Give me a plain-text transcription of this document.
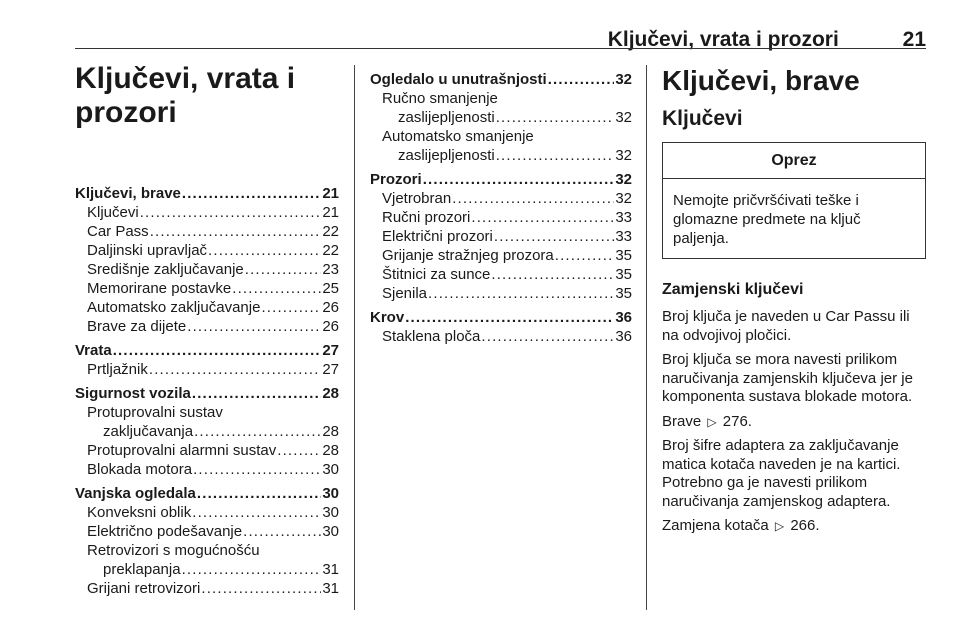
Ključevi, vrata i prozori	21
Ključevi, vrata i prozori
Ključevi, brave . . .	21
Ključevi . . .	21
Car Pass . . .	22
Daljinski upravljač . . .	22
Središnje zaključavanje . . .	23
Memorirane postavke . . .	25
Automatsko zaključavanje . . .	26
Brave za dijete . . .	26
Vrata . . .	27
Prtljažnik . . .	27
Sigurnost vozila . . .	28
Protuprovalni sustav
zaključavanja . . .	28
Protuprovalni alarmni sustav . . .	28
Blokada motora . . .	30
Vanjska ogledala . . .	30
Konveksni oblik . . .	30
Električno podešavanje . . .	30
Retrovizori s mogućnošću
preklapanja . . .	31
Grijani retrovizori . . .	31
Ogledalo u unutrašnjosti . . .	32
Ručno smanjenje
zaslijepljenosti . . .	32
Automatsko smanjenje
zaslijepljenosti . . .	32
Prozori . . .	32
Vjetrobran . . .	32
Ručni prozori . . .	33
Električni prozori . . .	33
Grijanje stražnjeg prozora . . .	35
Štitnici za sunce . . .	35
Sjenila . . .	35
Krov . . .	36
Staklena ploča . . .	36
Ključevi, brave
Ključevi
Oprez
Nemojte pričvršćivati teške i glomazne predmete na ključ paljenja.
Zamjenski ključevi

Broj ključa je naveden u Car Passu ili na odvojivoj pločici.

Broj ključa se mora navesti prilikom naručivanja zamjenskih ključeva jer je komponenta sustava blokade motora.

Brave ▷ 276.

Broj šifre adaptera za zaključavanje matica kotača naveden je na kartici. Potrebno ga je navesti prilikom naručivanja zamjenskog adaptera.

Zamjena kotača ▷ 266.
